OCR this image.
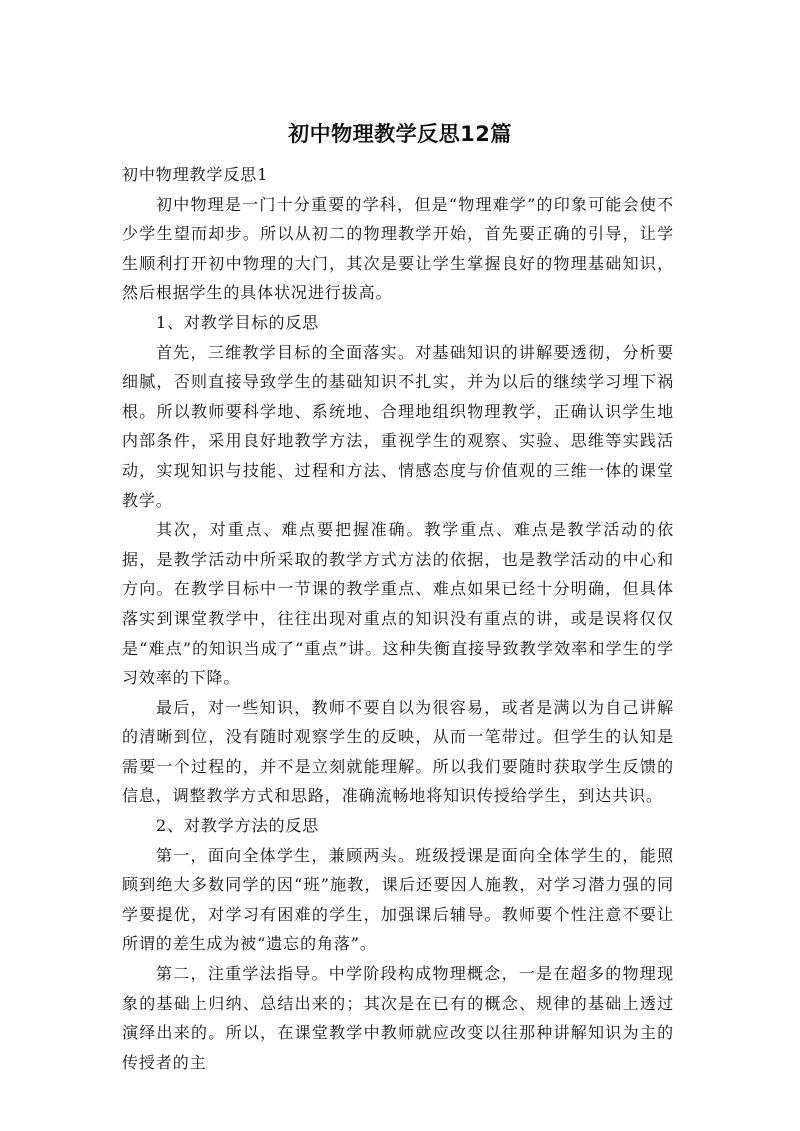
初中物理教学反思12篇

初中物理教学反思1

初中物理是一门十分重要的学科，但是“物理难学”的印象可能会使不少学生望而却步。所以从初二的物理教学开始，首先要正确的引导，让学生顺利打开初中物理的大门，其次是要让学生掌握良好的物理基础知识，然后根据学生的具体状况进行拔高。

1、对教学目标的反思

首先，三维教学目标的全面落实。对基础知识的讲解要透彻，分析要细腻，否则直接导致学生的基础知识不扎实，并为以后的继续学习埋下祸根。所以教师要科学地、系统地、合理地组织物理教学，正确认识学生地内部条件，采用良好地教学方法，重视学生的观察、实验、思维等实践活动，实现知识与技能、过程和方法、情感态度与价值观的三维一体的课堂教学。

其次，对重点、难点要把握准确。教学重点、难点是教学活动的依据，是教学活动中所采取的教学方式方法的依据，也是教学活动的中心和方向。在教学目标中一节课的教学重点、难点如果已经十分明确，但具体落实到课堂教学中，往往出现对重点的知识没有重点的讲，或是误将仅仅是“难点”的知识当成了“重点”讲。这种失衡直接导致教学效率和学生的学习效率的下降。

最后，对一些知识，教师不要自以为很容易，或者是满以为自己讲解的清晰到位，没有随时观察学生的反映，从而一笔带过。但学生的认知是需要一个过程的，并不是立刻就能理解。所以我们要随时获取学生反馈的信息，调整教学方式和思路，准确流畅地将知识传授给学生，到达共识。

2、对教学方法的反思

第一，面向全体学生，兼顾两头。班级授课是面向全体学生的，能照顾到绝大多数同学的因“班”施教，课后还要因人施教，对学习潜力强的同学要提优，对学习有困难的学生，加强课后辅导。教师要个性注意不要让所谓的差生成为被“遗忘的角落”。

第二，注重学法指导。中学阶段构成物理概念，一是在超多的物理现象的基础上归纳、总结出来的；其次是在已有的概念、规律的基础上透过演绎出来的。所以，在课堂教学中教师就应改变以往那种讲解知识为主的传授者的主
